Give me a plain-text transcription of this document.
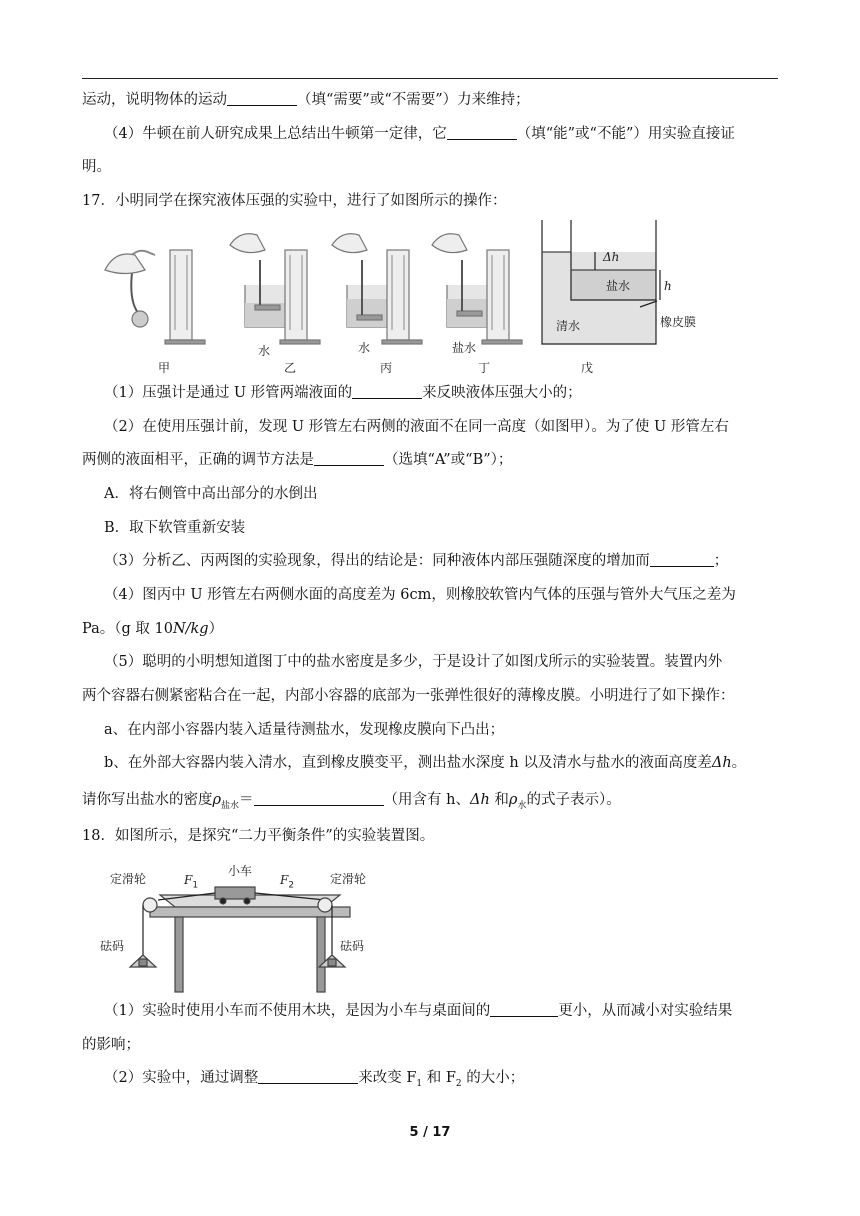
运动，说明物体的运动	（填“需要”或“不需要”）力来维持；
（4）牛顿在前人研究成果上总结出牛顿第一定律，它	（填“能”或“不能”）用实验直接证
明。
17．小明同学在探究液体压强的实验中，进行了如图所示的操作：
Δh
h
盐水
清水	橡皮膜
水	水	盐水
甲	乙	丙	丁	戊
（1）压强计是通过 U 形管两端液面的	来反映液体压强大小的；
（2）在使用压强计前，发现 U 形管左右两侧的液面不在同一高度（如图甲）。为了使 U 形管左右
两侧的液面相平，正确的调节方法是	（选填“A”或“B”）；
A．将右侧管中高出部分的水倒出
B．取下软管重新安装
（3）分析乙、丙两图的实验现象，得出的结论是：同种液体内部压强随深度的增加而	；
（4）图丙中 U 形管左右两侧水面的高度差为 6cm，则橡胶软管内气体的压强与管外大气压之差为
Pa。（g 取 10N/kg）
（5）聪明的小明想知道图丁中的盐水密度是多少，于是设计了如图戊所示的实验装置。装置内外
两个容器右侧紧密粘合在一起，内部小容器的底部为一张弹性很好的薄橡皮膜。小明进行了如下操作：
a、在内部小容器内装入适量待测盐水，发现橡皮膜向下凸出；
b、在外部大容器内装入清水，直到橡皮膜变平，测出盐水深度 h 以及清水与盐水的液面高度差Δh。
请你写出盐水的密度$\rho_{盐水}=$	（用含有 h、Δh 和$\rho_水$的式子表示）。
18．如图所示，是探究“二力平衡条件”的实验装置图。
定滑轮
小车
定滑轮
$F_1$	$F_2$
砝码	砝码
（1）实验时使用小车而不使用木块，是因为小车与桌面间的	更小，从而减小对实验结果
的影响；
（2）实验中，通过调整	来改变 $F_1$ 和 $F_2$ 的大小；
5 / 17
